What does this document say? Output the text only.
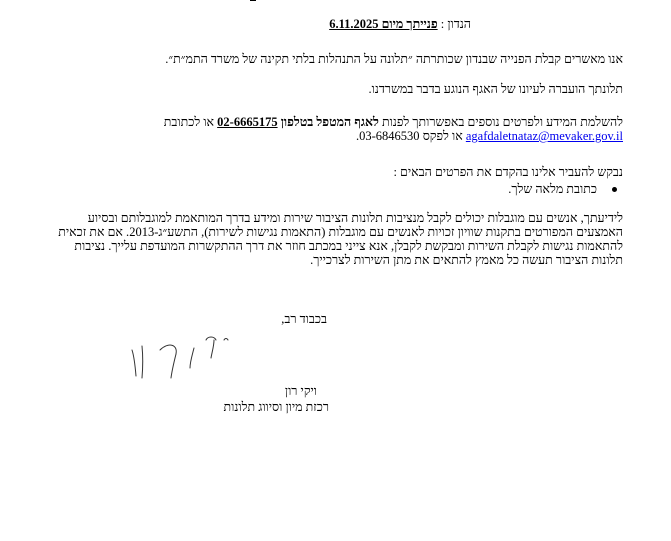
הנדון : פנייתך מיום 6.11.2025

אנו מאשרים קבלת הפנייה שבנדון שכותרתה ״תלונה על התנהלות בלתי תקינה של משרד התמ״ת״.

תלונתך הועברה לעיונו של האגף הנוגע בדבר במשרדנו.

להשלמת המידע ולפרטים נוספים באפשרותך לפנות לאגף המטפל בטלפון 02-6665175 או לכתובת
agafdaletnataz@mevaker.gov.il או לפקס 03-6846530.

נבקש להעביר אלינו בהקדם את הפרטים הבאים :

כתובת מלאה שלך.

לידיעתך, אנשים עם מוגבלות יכולים לקבל מנציבות תלונות הציבור שירות ומידע בדרך המותאמת למוגבלותם ובסיוע האמצעים המפורטים בתקנות שוויון זכויות לאנשים עם מוגבלות (התאמות נגישות לשירות), התשע״ג-2013. אם את זכאית להתאמות נגישות לקבלת השירות ומבקשת לקבלן, אנא צייני במכתב חוזר את דרך ההתקשרות המועדפת עלייך. נציבות תלונות הציבור תעשה כל מאמץ להתאים את מתן השירות לצרכייך.

בכבוד רב,
ויקי רון
רכזת מיון וסיווג תלונות
